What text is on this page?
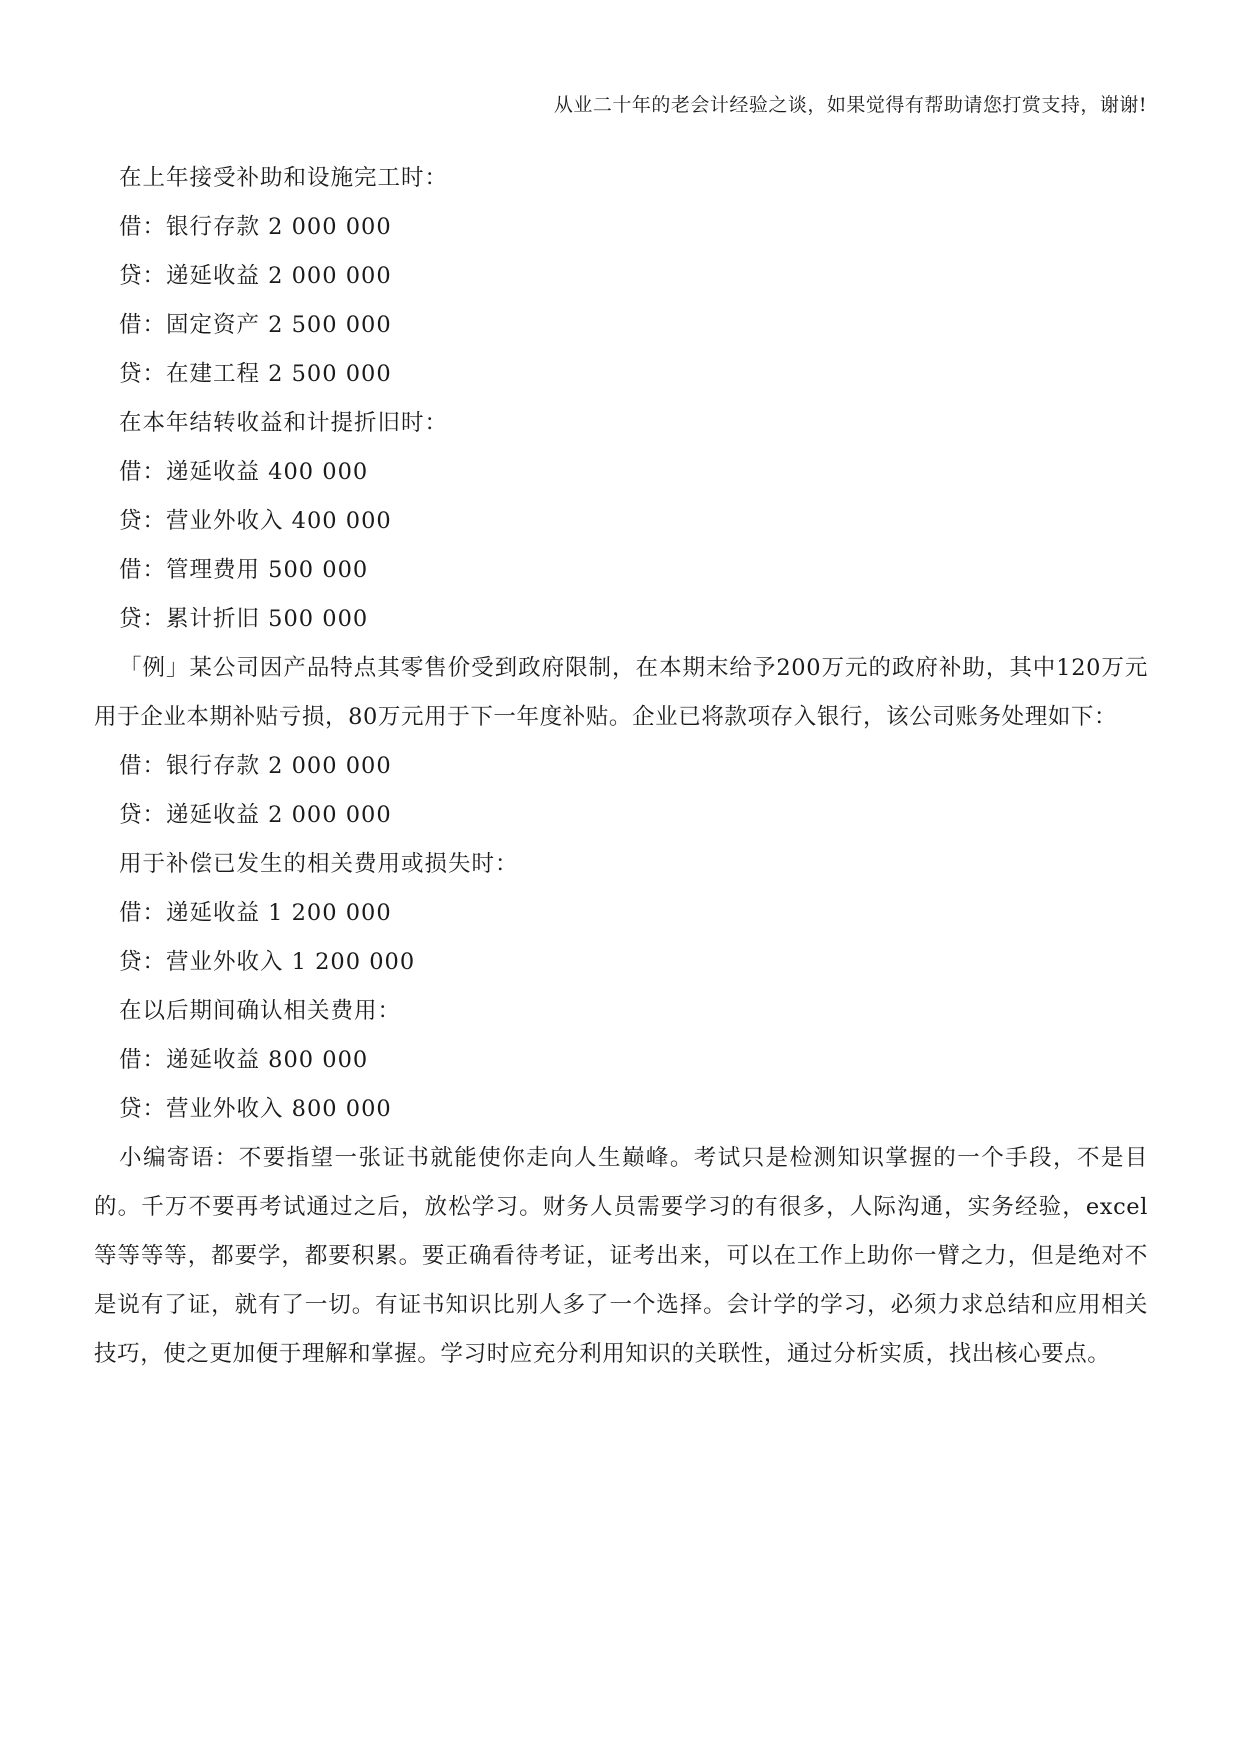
从业二十年的老会计经验之谈，如果觉得有帮助请您打赏支持，谢谢!
在上年接受补助和设施完工时：
借：银行存款 2 000 000
贷：递延收益 2 000 000
借：固定资产 2 500 000
贷：在建工程 2 500 000
在本年结转收益和计提折旧时：
借：递延收益 400 000
贷：营业外收入 400 000
借：管理费用 500 000
贷：累计折旧 500 000

「例」某公司因产品特点其零售价受到政府限制，在本期末给予200万元的政府补助，其中120万元用于企业本期补贴亏损，80万元用于下一年度补贴。企业已将款项存入银行，该公司账务处理如下：

借：银行存款 2 000 000
贷：递延收益 2 000 000
用于补偿已发生的相关费用或损失时：
借：递延收益 1 200 000
贷：营业外收入 1 200 000
在以后期间确认相关费用：
借：递延收益 800 000
贷：营业外收入 800 000

小编寄语：不要指望一张证书就能使你走向人生巅峰。考试只是检测知识掌握的一个手段，不是目的。千万不要再考试通过之后，放松学习。财务人员需要学习的有很多，人际沟通，实务经验，excel等等等等，都要学，都要积累。要正确看待考证，证考出来，可以在工作上助你一臂之力，但是绝对不是说有了证，就有了一切。有证书知识比别人多了一个选择。会计学的学习，必须力求总结和应用相关技巧，使之更加便于理解和掌握。学习时应充分利用知识的关联性，通过分析实质，找出核心要点。
